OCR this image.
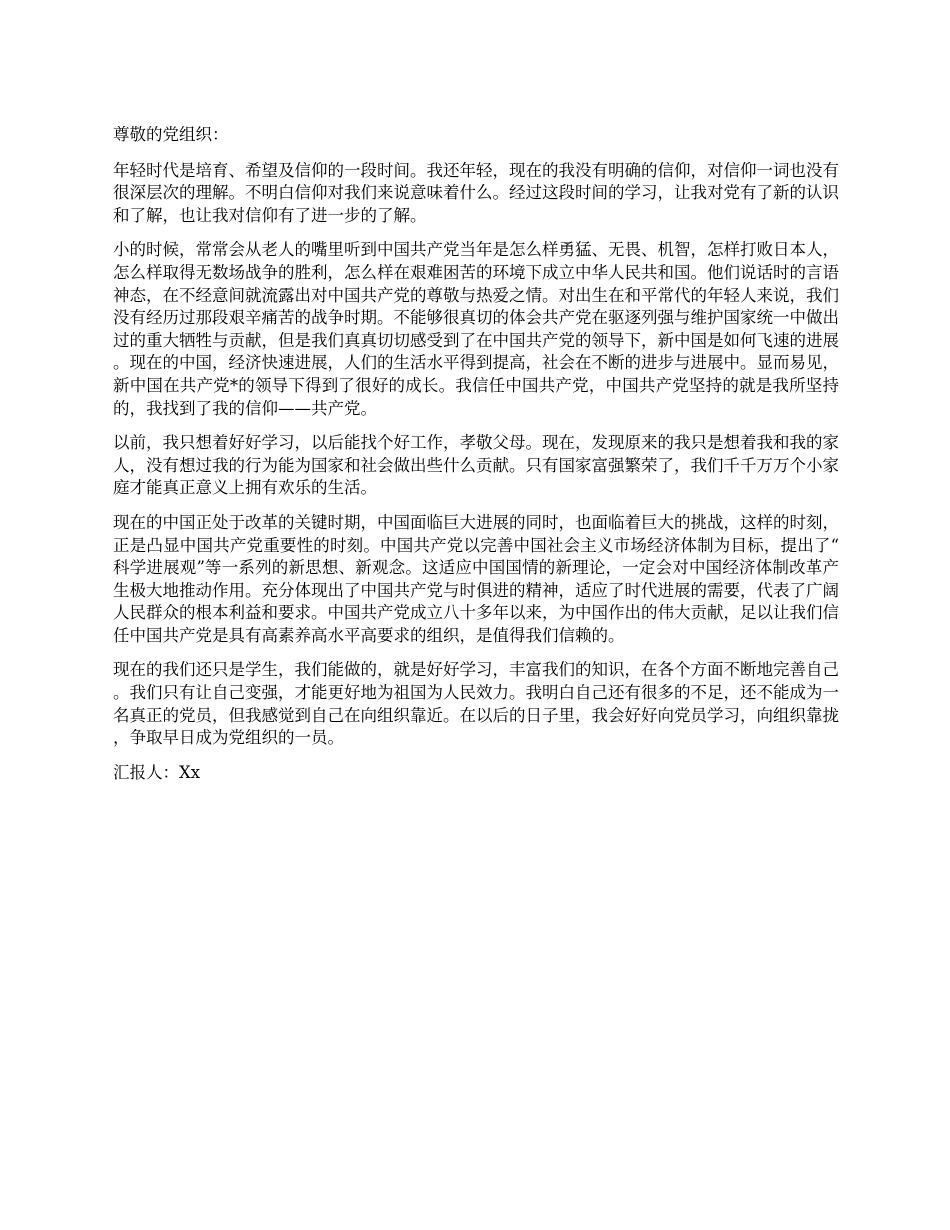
尊敬的党组织：

年轻时代是培育、希望及信仰的一段时间。我还年轻，现在的我没有明确的信仰，对信仰一词也没有很深层次的理解。不明白信仰对我们来说意味着什么。经过这段时间的学习，让我对党有了新的认识和了解，也让我对信仰有了进一步的了解。

小的时候，常常会从老人的嘴里听到中国共产党当年是怎么样勇猛、无畏、机智，怎样打败日本人，怎么样取得无数场战争的胜利，怎么样在艰难困苦的环境下成立中华人民共和国。他们说话时的言语神态，在不经意间就流露出对中国共产党的尊敬与热爱之情。对出生在和平常代的年轻人来说，我们没有经历过那段艰辛痛苦的战争时期。不能够很真切的体会共产党在驱逐列强与维护国家统一中做出过的重大牺牲与贡献，但是我们真真切切感受到了在中国共产党的领导下，新中国是如何飞速的进展。现在的中国，经济快速进展，人们的生活水平得到提高，社会在不断的进步与进展中。显而易见，新中国在共产党*的领导下得到了很好的成长。我信任中国共产党，中国共产党坚持的就是我所坚持的，我找到了我的信仰——共产党。

以前，我只想着好好学习，以后能找个好工作，孝敬父母。现在，发现原来的我只是想着我和我的家人，没有想过我的行为能为国家和社会做出些什么贡献。只有国家富强繁荣了，我们千千万万个小家庭才能真正意义上拥有欢乐的生活。

现在的中国正处于改革的关键时期，中国面临巨大进展的同时，也面临着巨大的挑战，这样的时刻，正是凸显中国共产党重要性的时刻。中国共产党以完善中国社会主义市场经济体制为目标，提出了“科学进展观”等一系列的新思想、新观念。这适应中国国情的新理论，一定会对中国经济体制改革产生极大地推动作用。充分体现出了中国共产党与时俱进的精神，适应了时代进展的需要，代表了广阔人民群众的根本利益和要求。中国共产党成立八十多年以来，为中国作出的伟大贡献，足以让我们信任中国共产党是具有高素养高水平高要求的组织，是值得我们信赖的。

现在的我们还只是学生，我们能做的，就是好好学习，丰富我们的知识，在各个方面不断地完善自己。我们只有让自己变强，才能更好地为祖国为人民效力。我明白自己还有很多的不足，还不能成为一名真正的党员，但我感觉到自己在向组织靠近。在以后的日子里，我会好好向党员学习，向组织靠拢，争取早日成为党组织的一员。

汇报人：Xx
